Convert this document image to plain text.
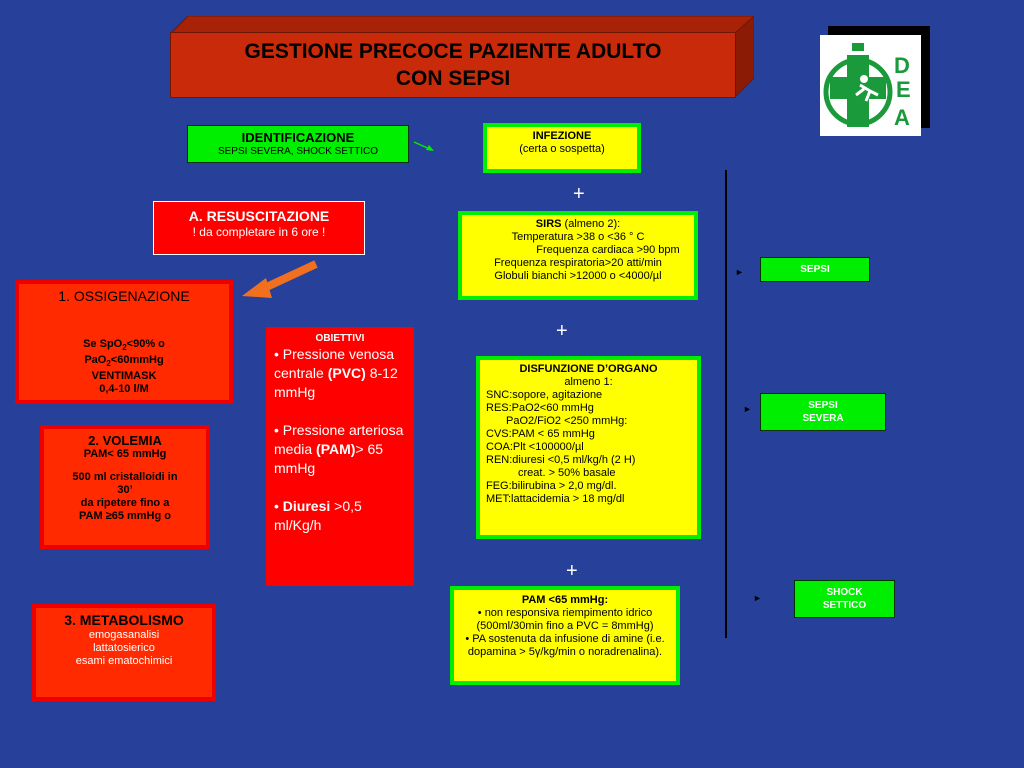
GESTIONE PRECOCE PAZIENTE ADULTO
CON SEPSI
D
E
A
IDENTIFICAZIONE
SEPSI SEVERA, SHOCK SETTICO
INFEZIONE
(certa o sospetta)
+
SIRS (almeno 2):
Temperatura >38 o <36 ° C
Frequenza cardiaca >90 bpm
Frequenza respiratoria>20 atti/min
Globuli bianchi >12000 o <4000/µl
+
DISFUNZIONE D’ORGANO
almeno 1:
SNC:sopore, agitazione
RES:PaO2<60 mmHg
PaO2/FiO2 <250 mmHg:
CVS:PAM < 65 mmHg
COA:Plt <100000/µl
REN:diuresi <0,5 ml/kg/h (2 H)
creat. > 50% basale
FEG:bilirubina > 2,0 mg/dl.
MET:lattacidemia > 18 mg/dl
+
PAM <65 mmHg:
• non responsiva riempimento idrico
(500ml/30min fino a PVC = 8mmHg)
• PA sostenuta da infusione di amine (i.e.
dopamina > 5γ/kg/min o noradrenalina).
►	SEPSI
►	SEPSI
SEVERA
►	SHOCK
SETTICO
A. RESUSCITAZIONE
! da completare in 6 ore !
1. OSSIGENAZIONE
Se SpO$_2$<90% o
PaO$_2$<60mmHg
VENTIMASK
0,4-10 l/M
2. VOLEMIA
PAM< 65 mmHg
500 ml cristalloidi in
30’
da ripetere fino a
PAM ≥65 mmHg o
3. METABOLISMO
emogasanalisi
lattatosierico
esami ematochimici
OBIETTIVI
• Pressione venosa centrale (PVC) 8-12 mmHg
• Pressione arteriosa media (PAM)> 65 mmHg
• Diuresi >0,5 ml/Kg/h
